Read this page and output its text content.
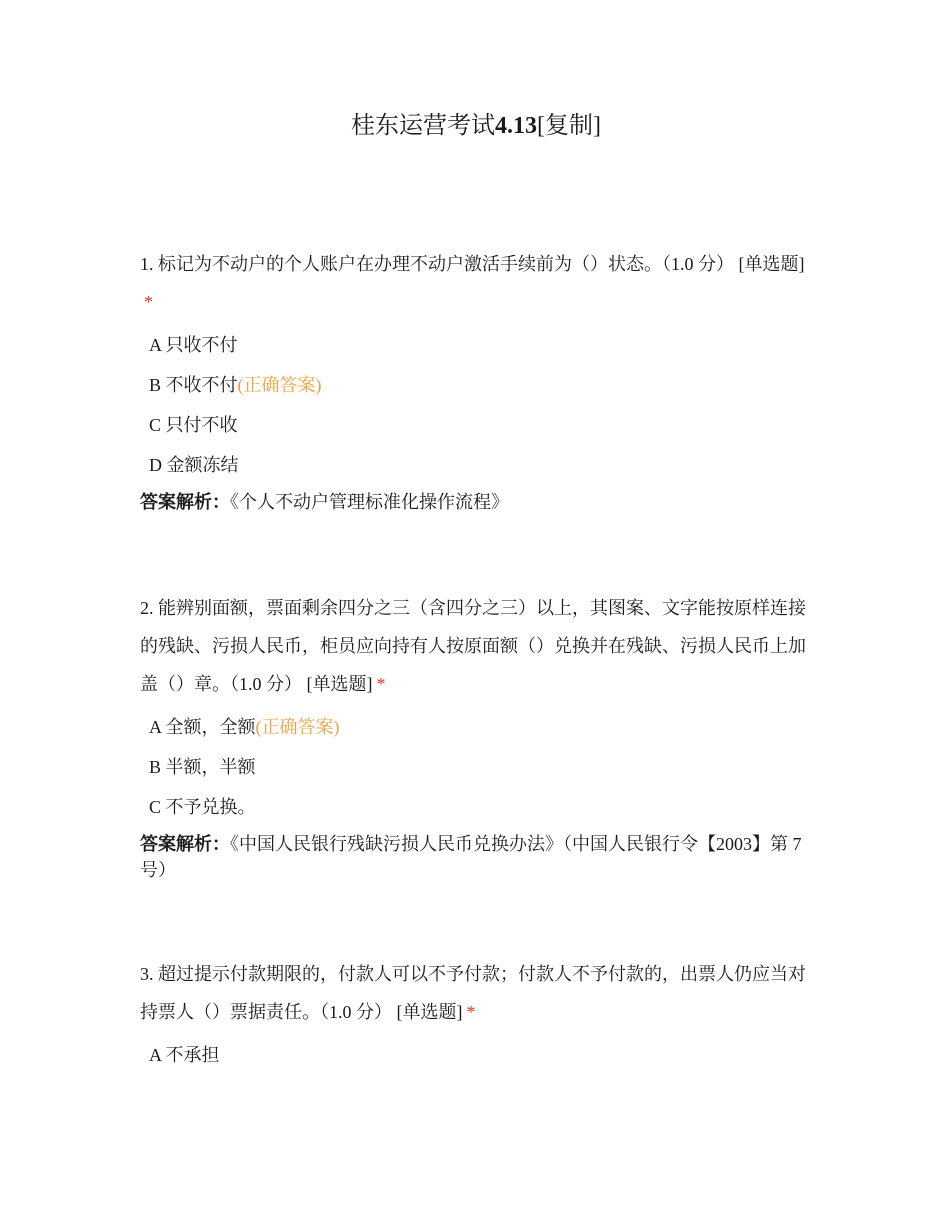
桂东运营考试4.13[复制]

1. 标记为不动户的个人账户在办理不动户激活手续前为（）状态。（1.0 分） [单选题]*

A 只收不付

B 不收不付(正确答案)

C 只付不收

D 金额冻结

答案解析：《个人不动户管理标准化操作流程》

2. 能辨别面额，票面剩余四分之三（含四分之三）以上，其图案、文字能按原样连接的残缺、污损人民币，柜员应向持有人按原面额（）兑换并在残缺、污损人民币上加盖（）章。（1.0 分） [单选题] *

A 全额，全额(正确答案)

B 半额，半额

C 不予兑换。

答案解析：《中国人民银行残缺污损人民币兑换办法》（中国人民银行令【2003】第 7 号）

3. 超过提示付款期限的，付款人可以不予付款；付款人不予付款的，出票人仍应当对持票人（）票据责任。（1.0 分） [单选题] *

A 不承担
